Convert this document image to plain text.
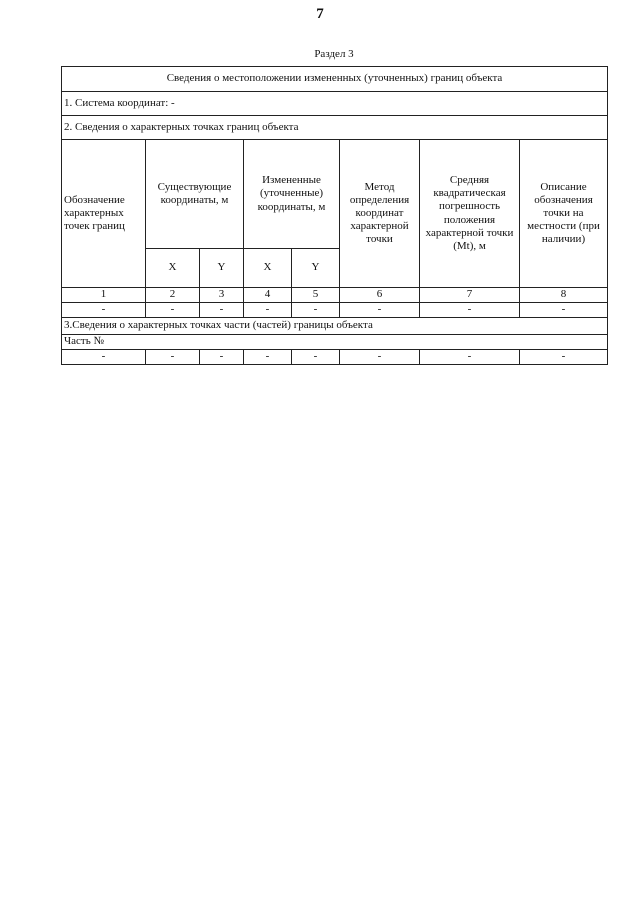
7
Раздел 3
Сведения о местоположении измененных (уточненных) границ объекта							
1. Система координат: -							
2. Сведения о характерных точках границ объекта							
Обозначение характерных точек границ	Существующие координаты, м		Измененные (уточненные) координаты, м		Метод определения координат характерной точки	Средняя квадратическая погрешность положения характерной точки (Mt), м	Описание обозначения точки на местности (при наличии)
	X	Y	X	Y			
1	2	3	4	5	6	7	8
-	-	-	-	-	-	-	-
3.Сведения о характерных точках части (частей) границы объекта							
Часть №							
-	-	-	-	-	-	-	-
